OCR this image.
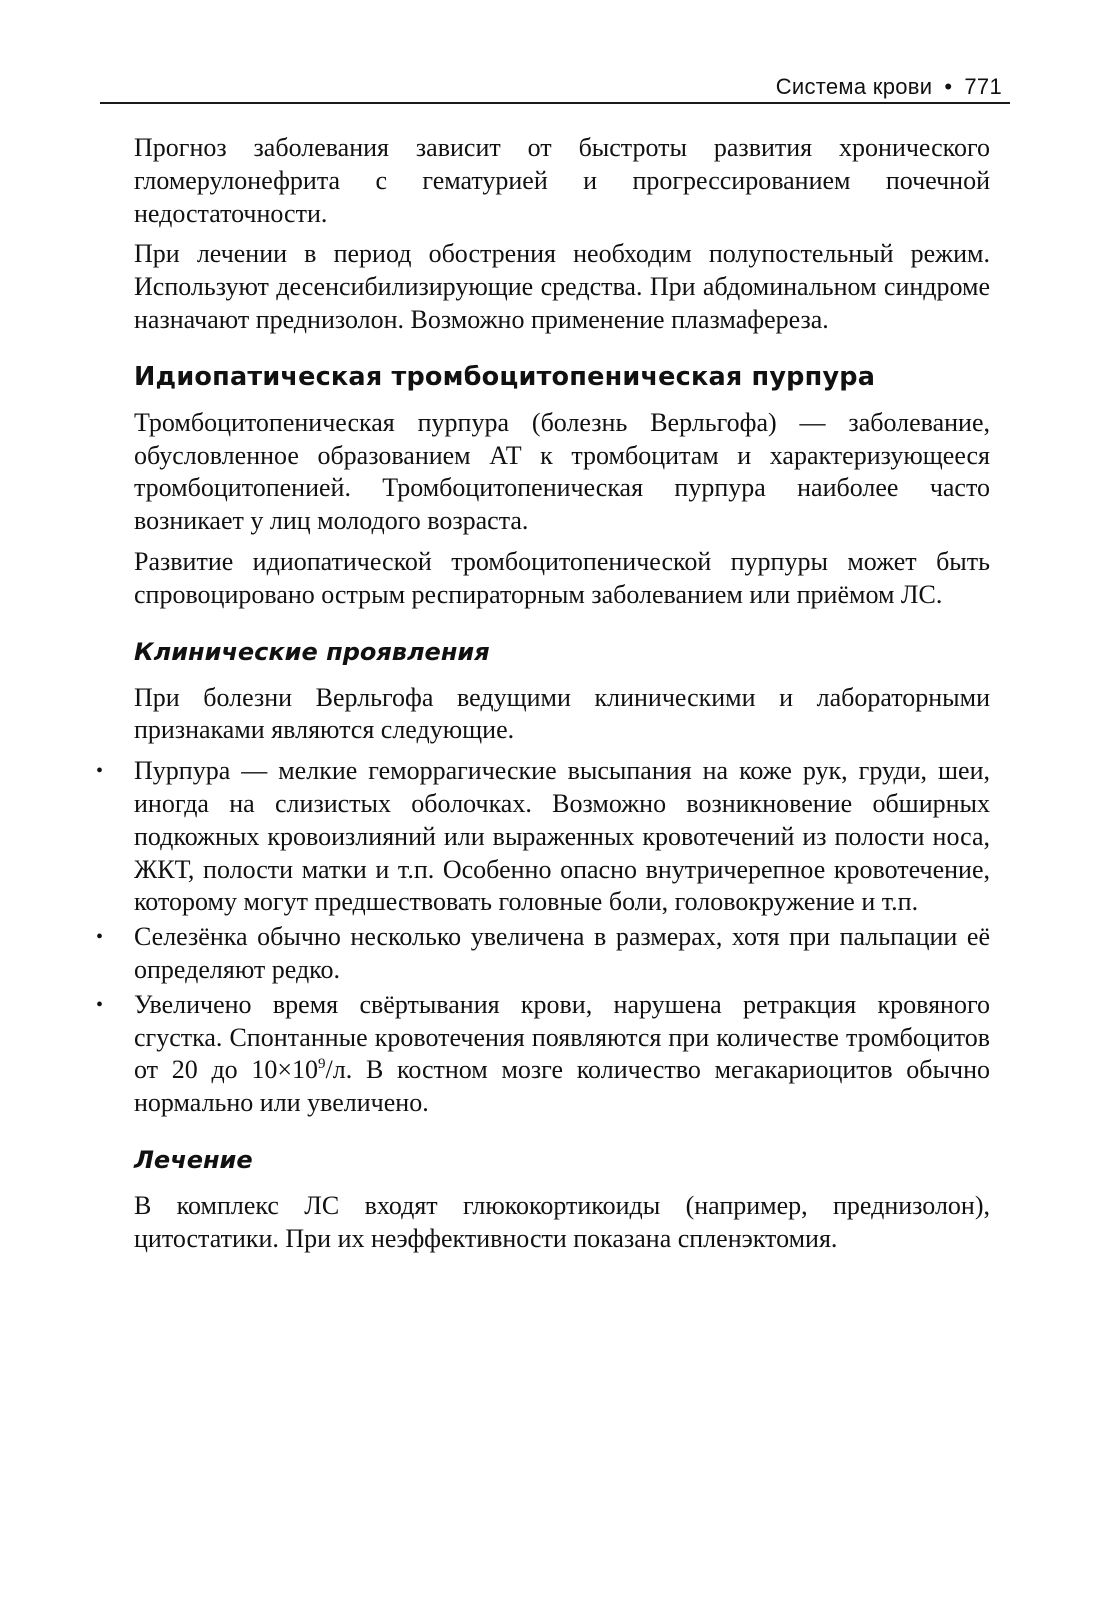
Система крови • 771

Прогноз заболевания зависит от быстроты развития хронического гломерулонефрита с гематурией и прогрессированием почечной недостаточности.

При лечении в период обострения необходим полупостельный режим. Используют десенсибилизирующие средства. При абдоминальном синдроме назначают преднизолон. Возможно применение плазмафереза.

Идиопатическая тромбоцитопеническая пурпура

Тромбоцитопеническая пурпура (болезнь Верльгофа) — заболевание, обусловленное образованием АТ к тромбоцитам и характеризующееся тромбоцитопенией. Тромбоцитопеническая пурпура наиболее часто возникает у лиц молодого возраста.

Развитие идиопатической тромбоцитопенической пурпуры может быть спровоцировано острым респираторным заболеванием или приёмом ЛС.

Клинические проявления

При болезни Верльгофа ведущими клиническими и лабораторными признаками являются следующие.

• Пурпура — мелкие геморрагические высыпания на коже рук, груди, шеи, иногда на слизистых оболочках. Возможно возникновение обширных подкожных кровоизлияний или выраженных кровотечений из полости носа, ЖКТ, полости матки и т.п. Особенно опасно внутричерепное кровотечение, которому могут предшествовать головные боли, головокружение и т.п.
• Селезёнка обычно несколько увеличена в размерах, хотя при пальпации её определяют редко.
• Увеличено время свёртывания крови, нарушена ретракция кровяного сгустка. Спонтанные кровотечения появляются при количестве тромбоцитов от 20 до $10\times 10^9/л$. В костном мозге количество мегакариоцитов обычно нормально или увеличено.
Лечение

В комплекс ЛС входят глюкокортикоиды (например, преднизолон), цитостатики. При их неэффективности показана спленэктомия.
